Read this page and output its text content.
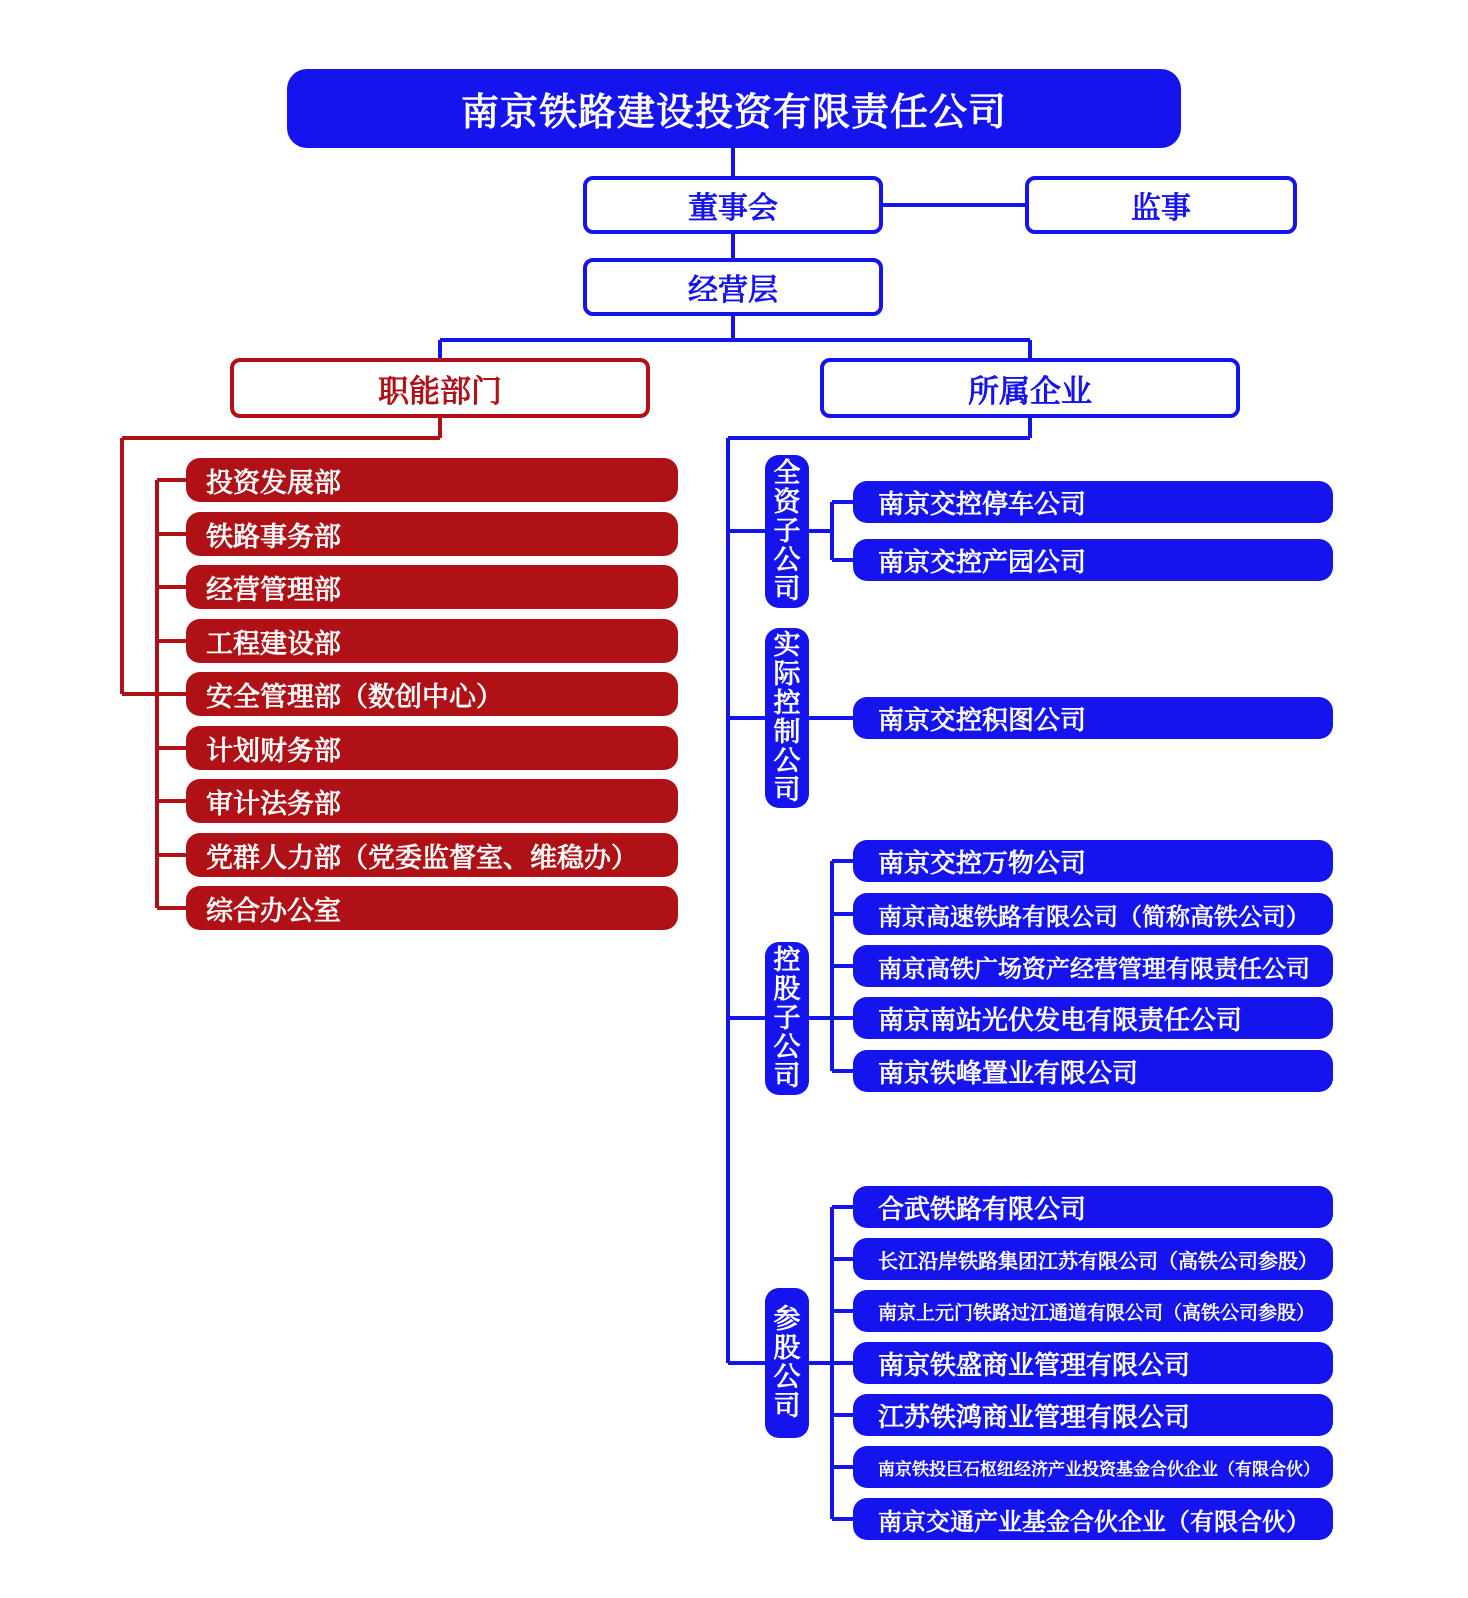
南京铁路建设投资有限责任公司
董事会	监事
经营层
职能部门	所属企业
投资发展部
铁路事务部
经营管理部
工程建设部
安全管理部（数创中心）
计划财务部
审计法务部
党群人力部（党委监督室、维稳办）
综合办公室
全资子公司
实际控制公司
控股子公司
参股公司
南京交控停车公司
南京交控产园公司
南京交控积图公司
南京交控万物公司
南京高速铁路有限公司（简称高铁公司）
南京高铁广场资产经营管理有限责任公司
南京南站光伏发电有限责任公司
南京铁峰置业有限公司
合武铁路有限公司
长江沿岸铁路集团江苏有限公司（高铁公司参股）
南京上元门铁路过江通道有限公司（高铁公司参股）
南京铁盛商业管理有限公司
江苏铁鸿商业管理有限公司
南京铁投巨石枢纽经济产业投资基金合伙企业（有限合伙）
南京交通产业基金合伙企业（有限合伙）
